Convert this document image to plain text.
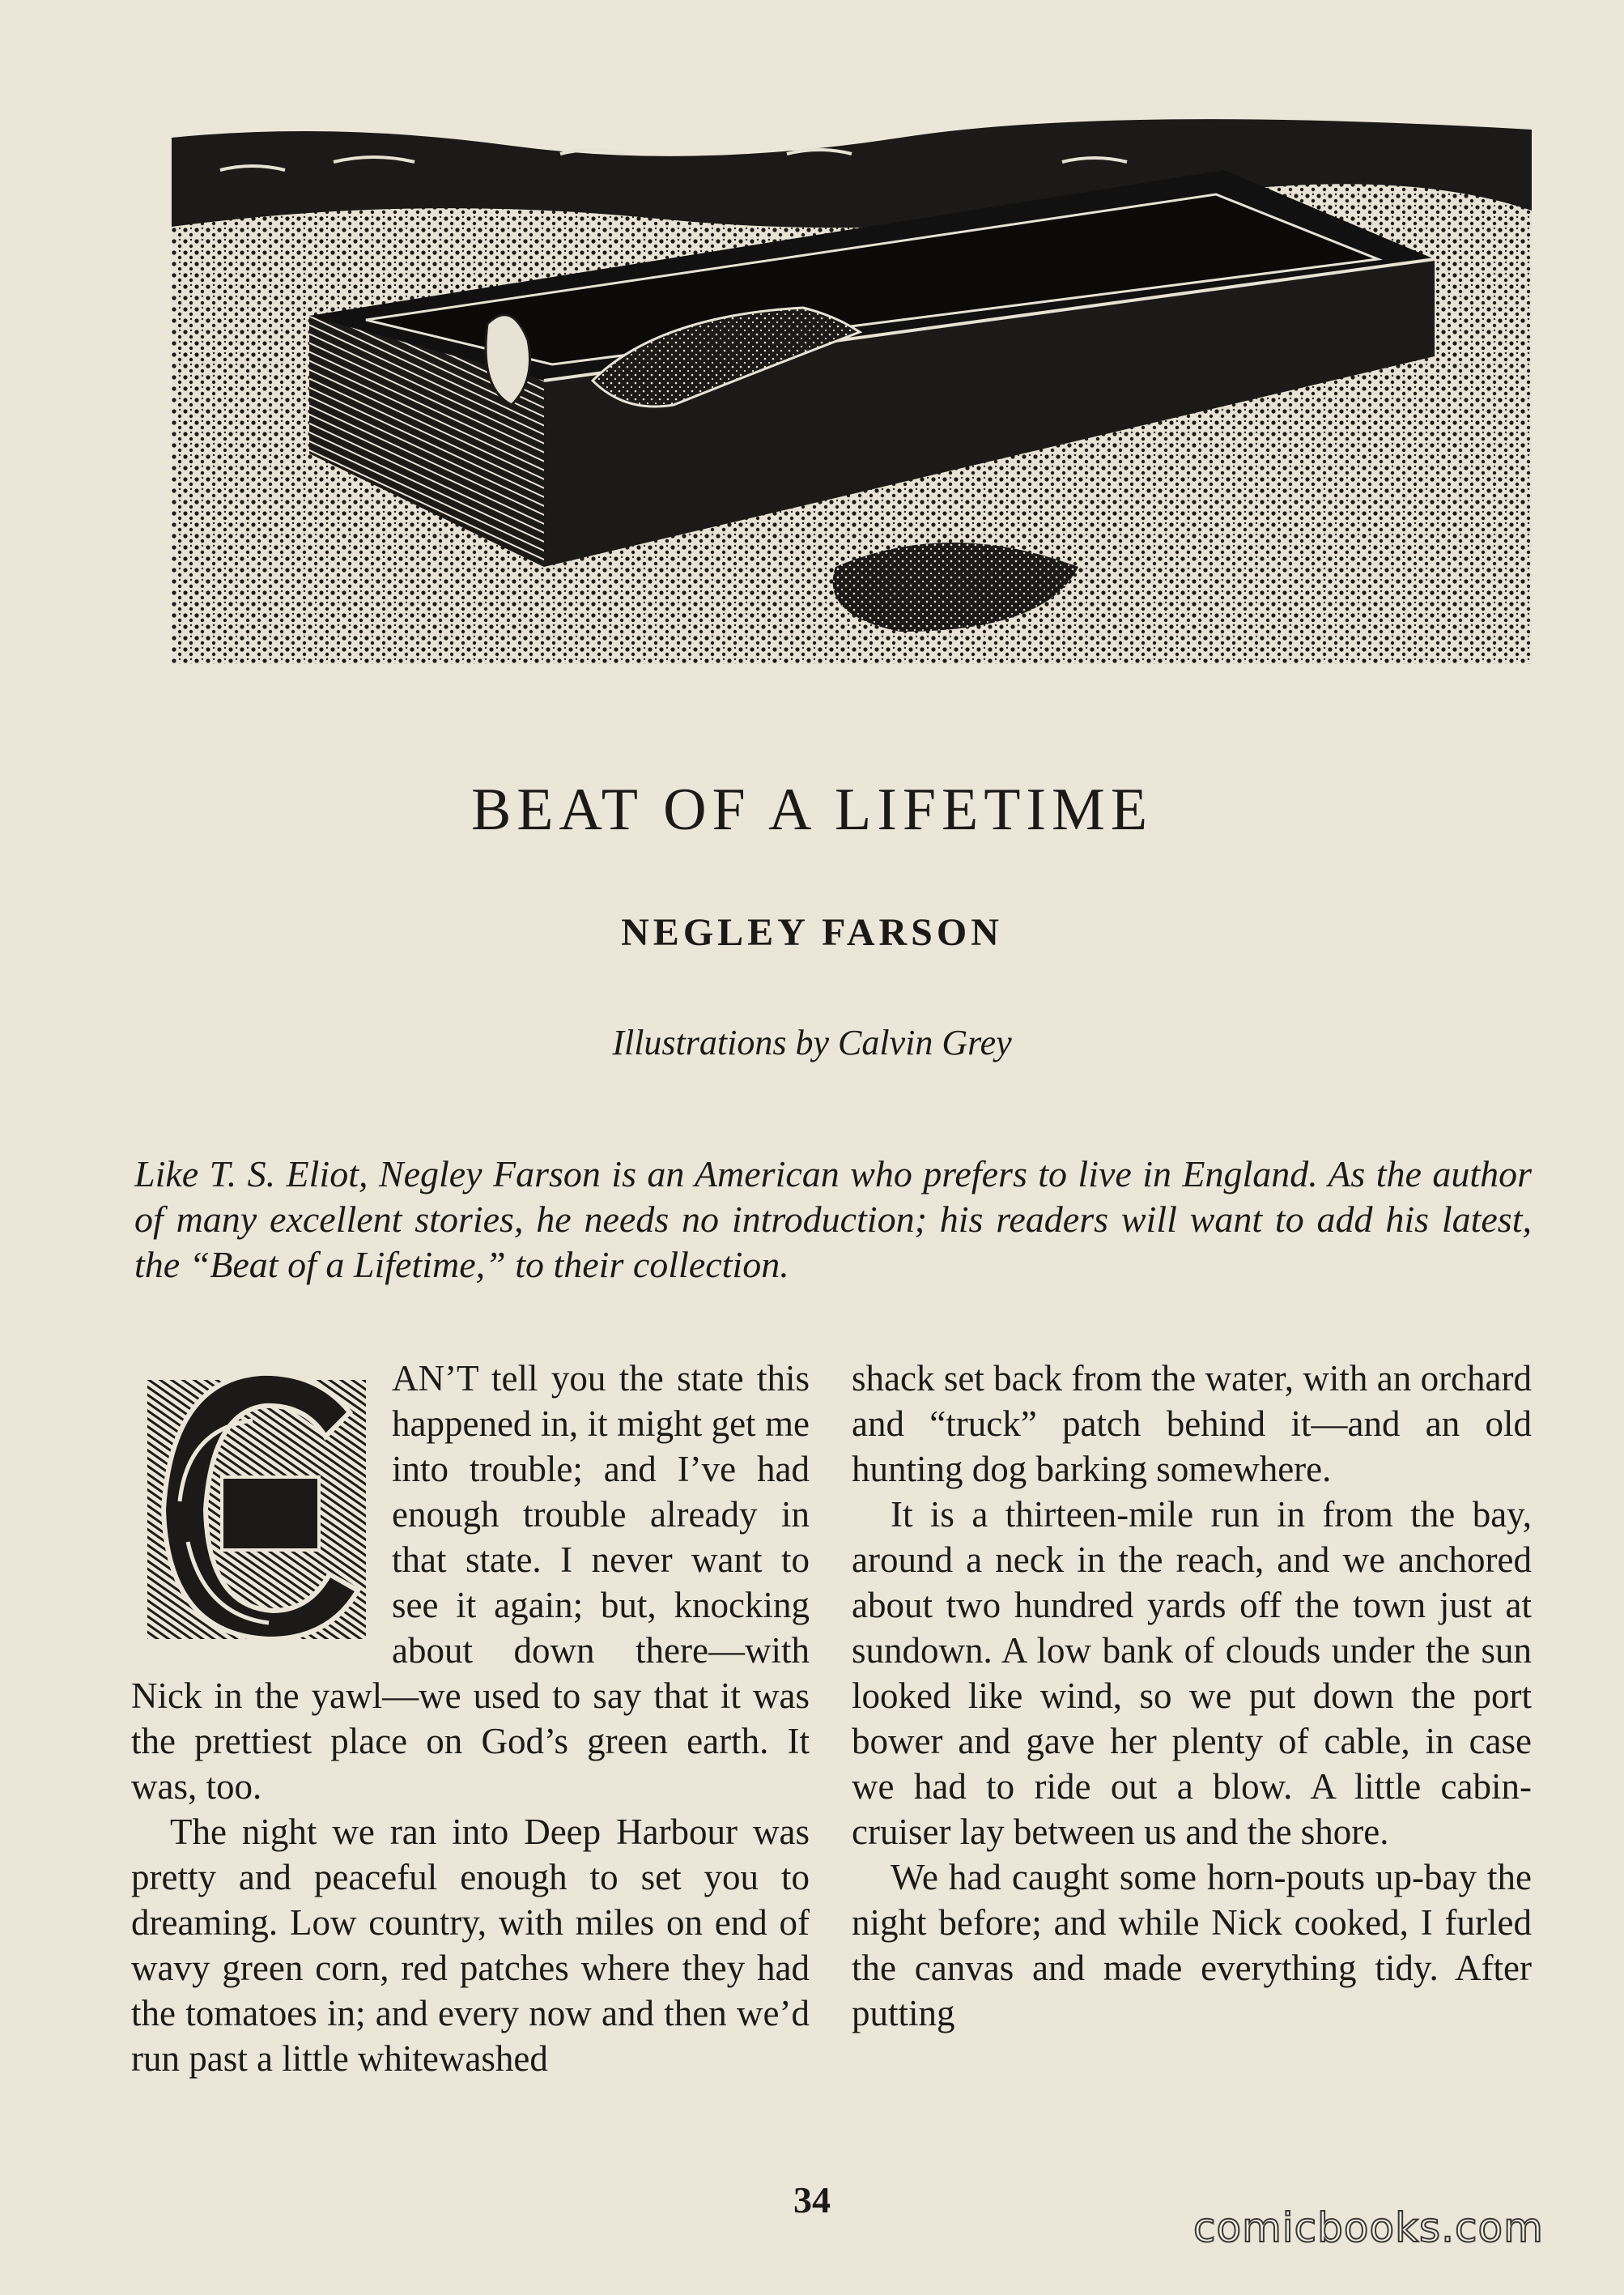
BEAT OF A LIFETIME
NEGLEY FARSON

Illustrations by Calvin Grey

Like T. S. Eliot, Negley Farson is an American who prefers to live in England. As the author of many excellent stories, he needs no introduction; his readers will want to add his latest, the “Beat of a Lifetime,” to their collection.

AN’T tell you the state this happened in, it might get me into trouble; and I’ve had enough trouble already in that state. I never want to see it again; but, knocking about down there—with Nick in the yawl—we used to say that it was the prettiest place on God’s green earth. It was, too.

The night we ran into Deep Harbour was pretty and peaceful enough to set you to dreaming. Low country, with miles on end of wavy green corn, red patches where they had the tomatoes in; and every now and then we’d run past a little whitewashed

shack set back from the water, with an orchard and “truck” patch behind it—and an old hunting dog barking somewhere.

It is a thirteen-mile run in from the bay, around a neck in the reach, and we anchored about two hundred yards off the town just at sundown. A low bank of clouds under the sun looked like wind, so we put down the port bower and gave her plenty of cable, in case we had to ride out a blow. A little cabin-cruiser lay between us and the shore.

We had caught some horn-pouts up-bay the night before; and while Nick cooked, I furled the canvas and made everything tidy. After putting

34

comicbooks.com
